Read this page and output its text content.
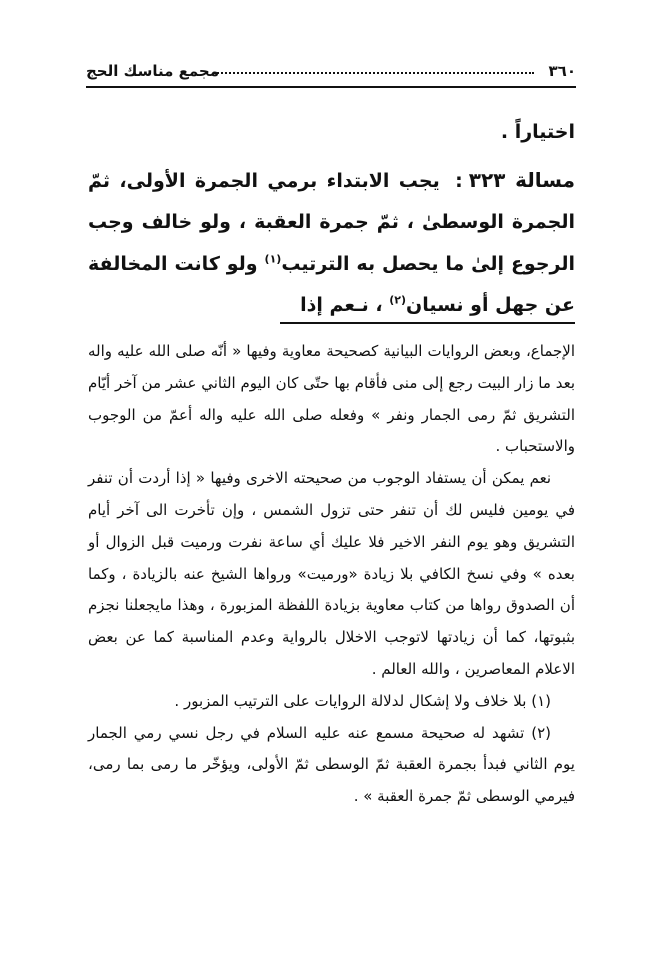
٣٦٠
مجمع مناسك الحج

اختياراً .

مسالة ٣٢٣: يجب الابتداء برمي الجمرة الأولى، ثمّ الجمرة الوسطىٰ ، ثمّ جمرة العقبة ، ولو خالف وجب الرجوع إلىٰ ما يحصل به الترتيب$^{(١)}$ ولو كانت المخالفة عن جهل أو نسيان$^{(٢)}$ ، نـعم إذا

الإجماع، وبعض الروايات البيانية كصحيحة معاوية وفيها « أنّه صلى الله عليه واله بعد ما زار البيت رجع إلى منى فأقام بها حتّى كان اليوم الثاني عشر من آخر أيّام التشريق ثمّ رمى الجمار ونفر » وفعله صلى الله عليه واله أعمّ من الوجوب والاستحباب .

نعم يمكن أن يستفاد الوجوب من صحيحته الاخرى وفيها « إذا أردت أن تنفر في يومين فليس لك أن تنفر حتى تزول الشمس ، وإن تأخرت الى آخر أيام التشريق وهو يوم النفر الاخير فلا عليك أي ساعة نفرت ورميت قبل الزوال أو بعده » وفي نسخ الكافي بلا زيادة «ورميت» ورواها الشيخ عنه بالزيادة ، وكما أن الصدوق رواها من كتاب معاوية بزيادة اللفظة المزبورة ، وهذا مايجعلنا نجزم بثبوتها، كما أن زيادتها لاتوجب الاخلال بالرواية وعدم المناسبة كما عن بعض الاعلام المعاصرين ، والله العالم .

(١) بلا خلاف ولا إشكال لدلالة الروايات على الترتيب المزبور .

(٢) تشهد له صحيحة مسمع عنه عليه السلام في رجل نسي رمي الجمار يوم الثاني فبدأ بجمرة العقبة ثمّ الوسطى ثمّ الأولى، ويؤخّر ما رمى بما رمى، فيرمي الوسطى ثمّ جمرة العقبة » .
